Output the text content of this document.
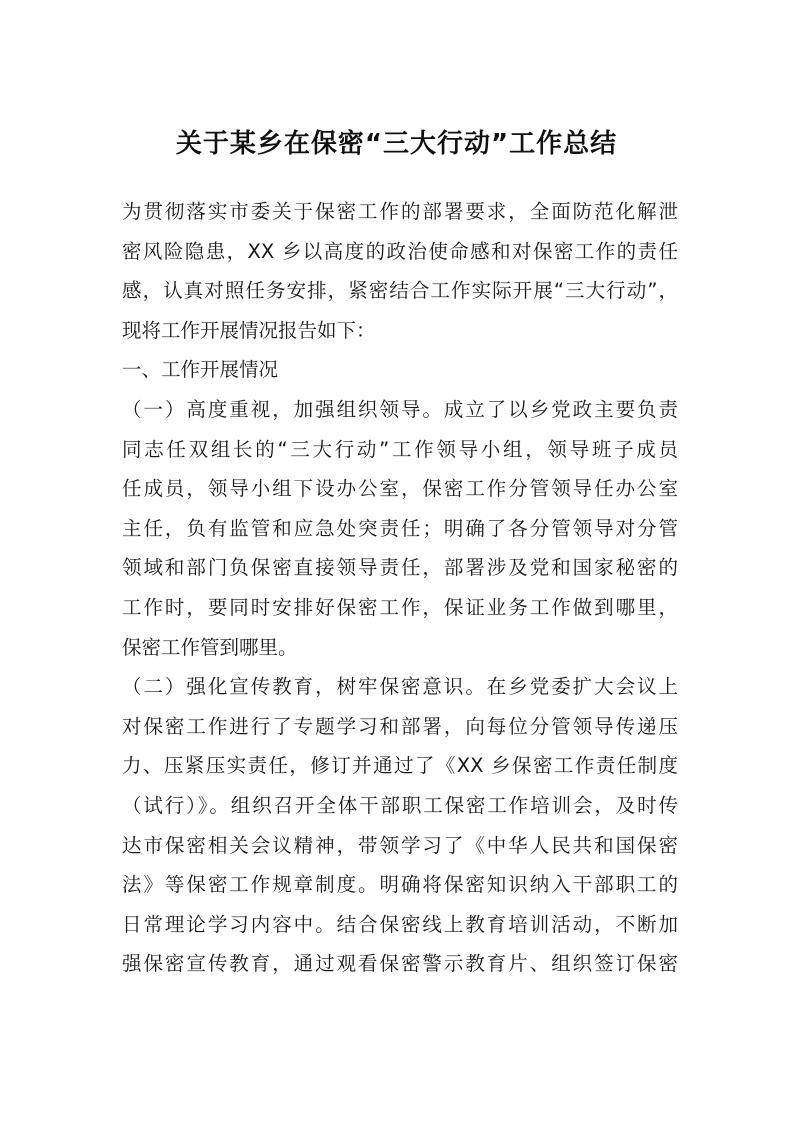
关于某乡在保密“三大行动”工作总结
为贯彻落实市委关于保密工作的部署要求，全面防范化解泄
密风险隐患，XX 乡以高度的政治使命感和对保密工作的责任
感，认真对照任务安排，紧密结合工作实际开展“三大行动”，
现将工作开展情况报告如下：
一、工作开展情况
（一）高度重视，加强组织领导。成立了以乡党政主要负责
同志任双组长的“三大行动”工作领导小组，领导班子成员
任成员，领导小组下设办公室，保密工作分管领导任办公室
主任，负有监管和应急处突责任；明确了各分管领导对分管
领域和部门负保密直接领导责任，部署涉及党和国家秘密的
工作时，要同时安排好保密工作，保证业务工作做到哪里，
保密工作管到哪里。
（二）强化宣传教育，树牢保密意识。在乡党委扩大会议上
对保密工作进行了专题学习和部署，向每位分管领导传递压
力、压紧压实责任，修订并通过了《XX 乡保密工作责任制度
（试行）》。组织召开全体干部职工保密工作培训会，及时传
达市保密相关会议精神，带领学习了《中华人民共和国保密
法》等保密工作规章制度。明确将保密知识纳入干部职工的
日常理论学习内容中。结合保密线上教育培训活动，不断加
强保密宣传教育，通过观看保密警示教育片、组织签订保密
